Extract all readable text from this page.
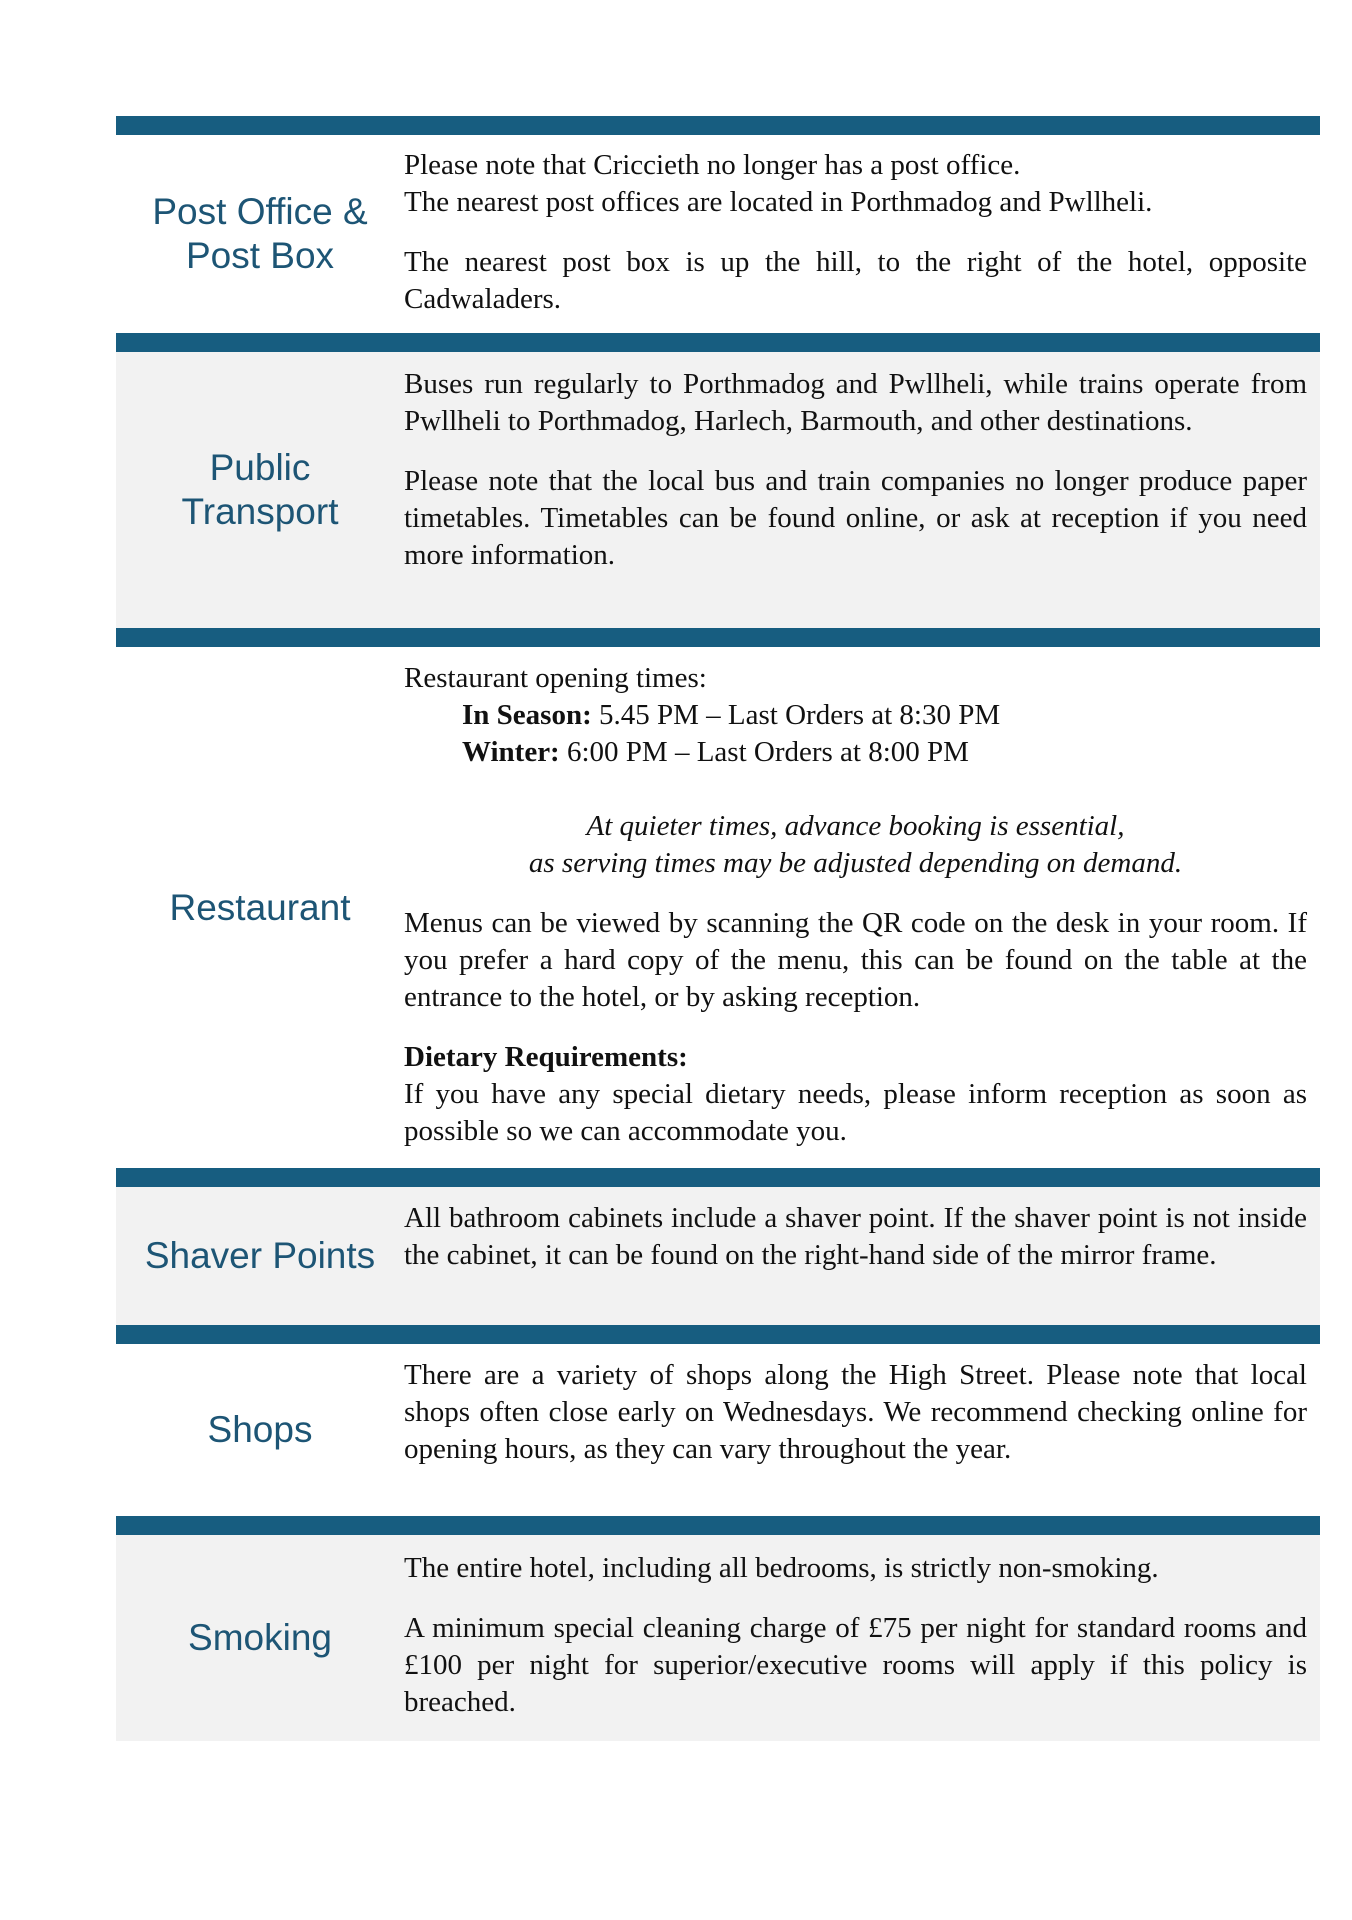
Post Office &
Post Box

Please note that Criccieth no longer has a post office.

The nearest post offices are located in Porthmadog and Pwllheli.

The nearest post box is up the hill, to the right of the hotel, opposite Cadwaladers.

Public
Transport

Buses run regularly to Porthmadog and Pwllheli, while trains operate from Pwllheli to Porthmadog, Harlech, Barmouth, and other destinations.

Please note that the local bus and train companies no longer produce paper timetables. Timetables can be found online, or ask at reception if you need more information.

Restaurant

Restaurant opening times:

In Season: 5.45 PM – Last Orders at 8:30 PM

Winter: 6:00 PM – Last Orders at 8:00 PM

At quieter times, advance booking is essential,

as serving times may be adjusted depending on demand.

Menus can be viewed by scanning the QR code on the desk in your room. If you prefer a hard copy of the menu, this can be found on the table at the entrance to the hotel, or by asking reception.

Dietary Requirements:

If you have any special dietary needs, please inform reception as soon as possible so we can accommodate you.

Shaver Points

All bathroom cabinets include a shaver point. If the shaver point is not inside the cabinet, it can be found on the right-hand side of the mirror frame.

Shops

There are a variety of shops along the High Street. Please note that local shops often close early on Wednesdays. We recommend checking online for opening hours, as they can vary throughout the year.

Smoking

The entire hotel, including all bedrooms, is strictly non-smoking.

A minimum special cleaning charge of £75 per night for standard rooms and £100 per night for superior/executive rooms will apply if this policy is breached.
